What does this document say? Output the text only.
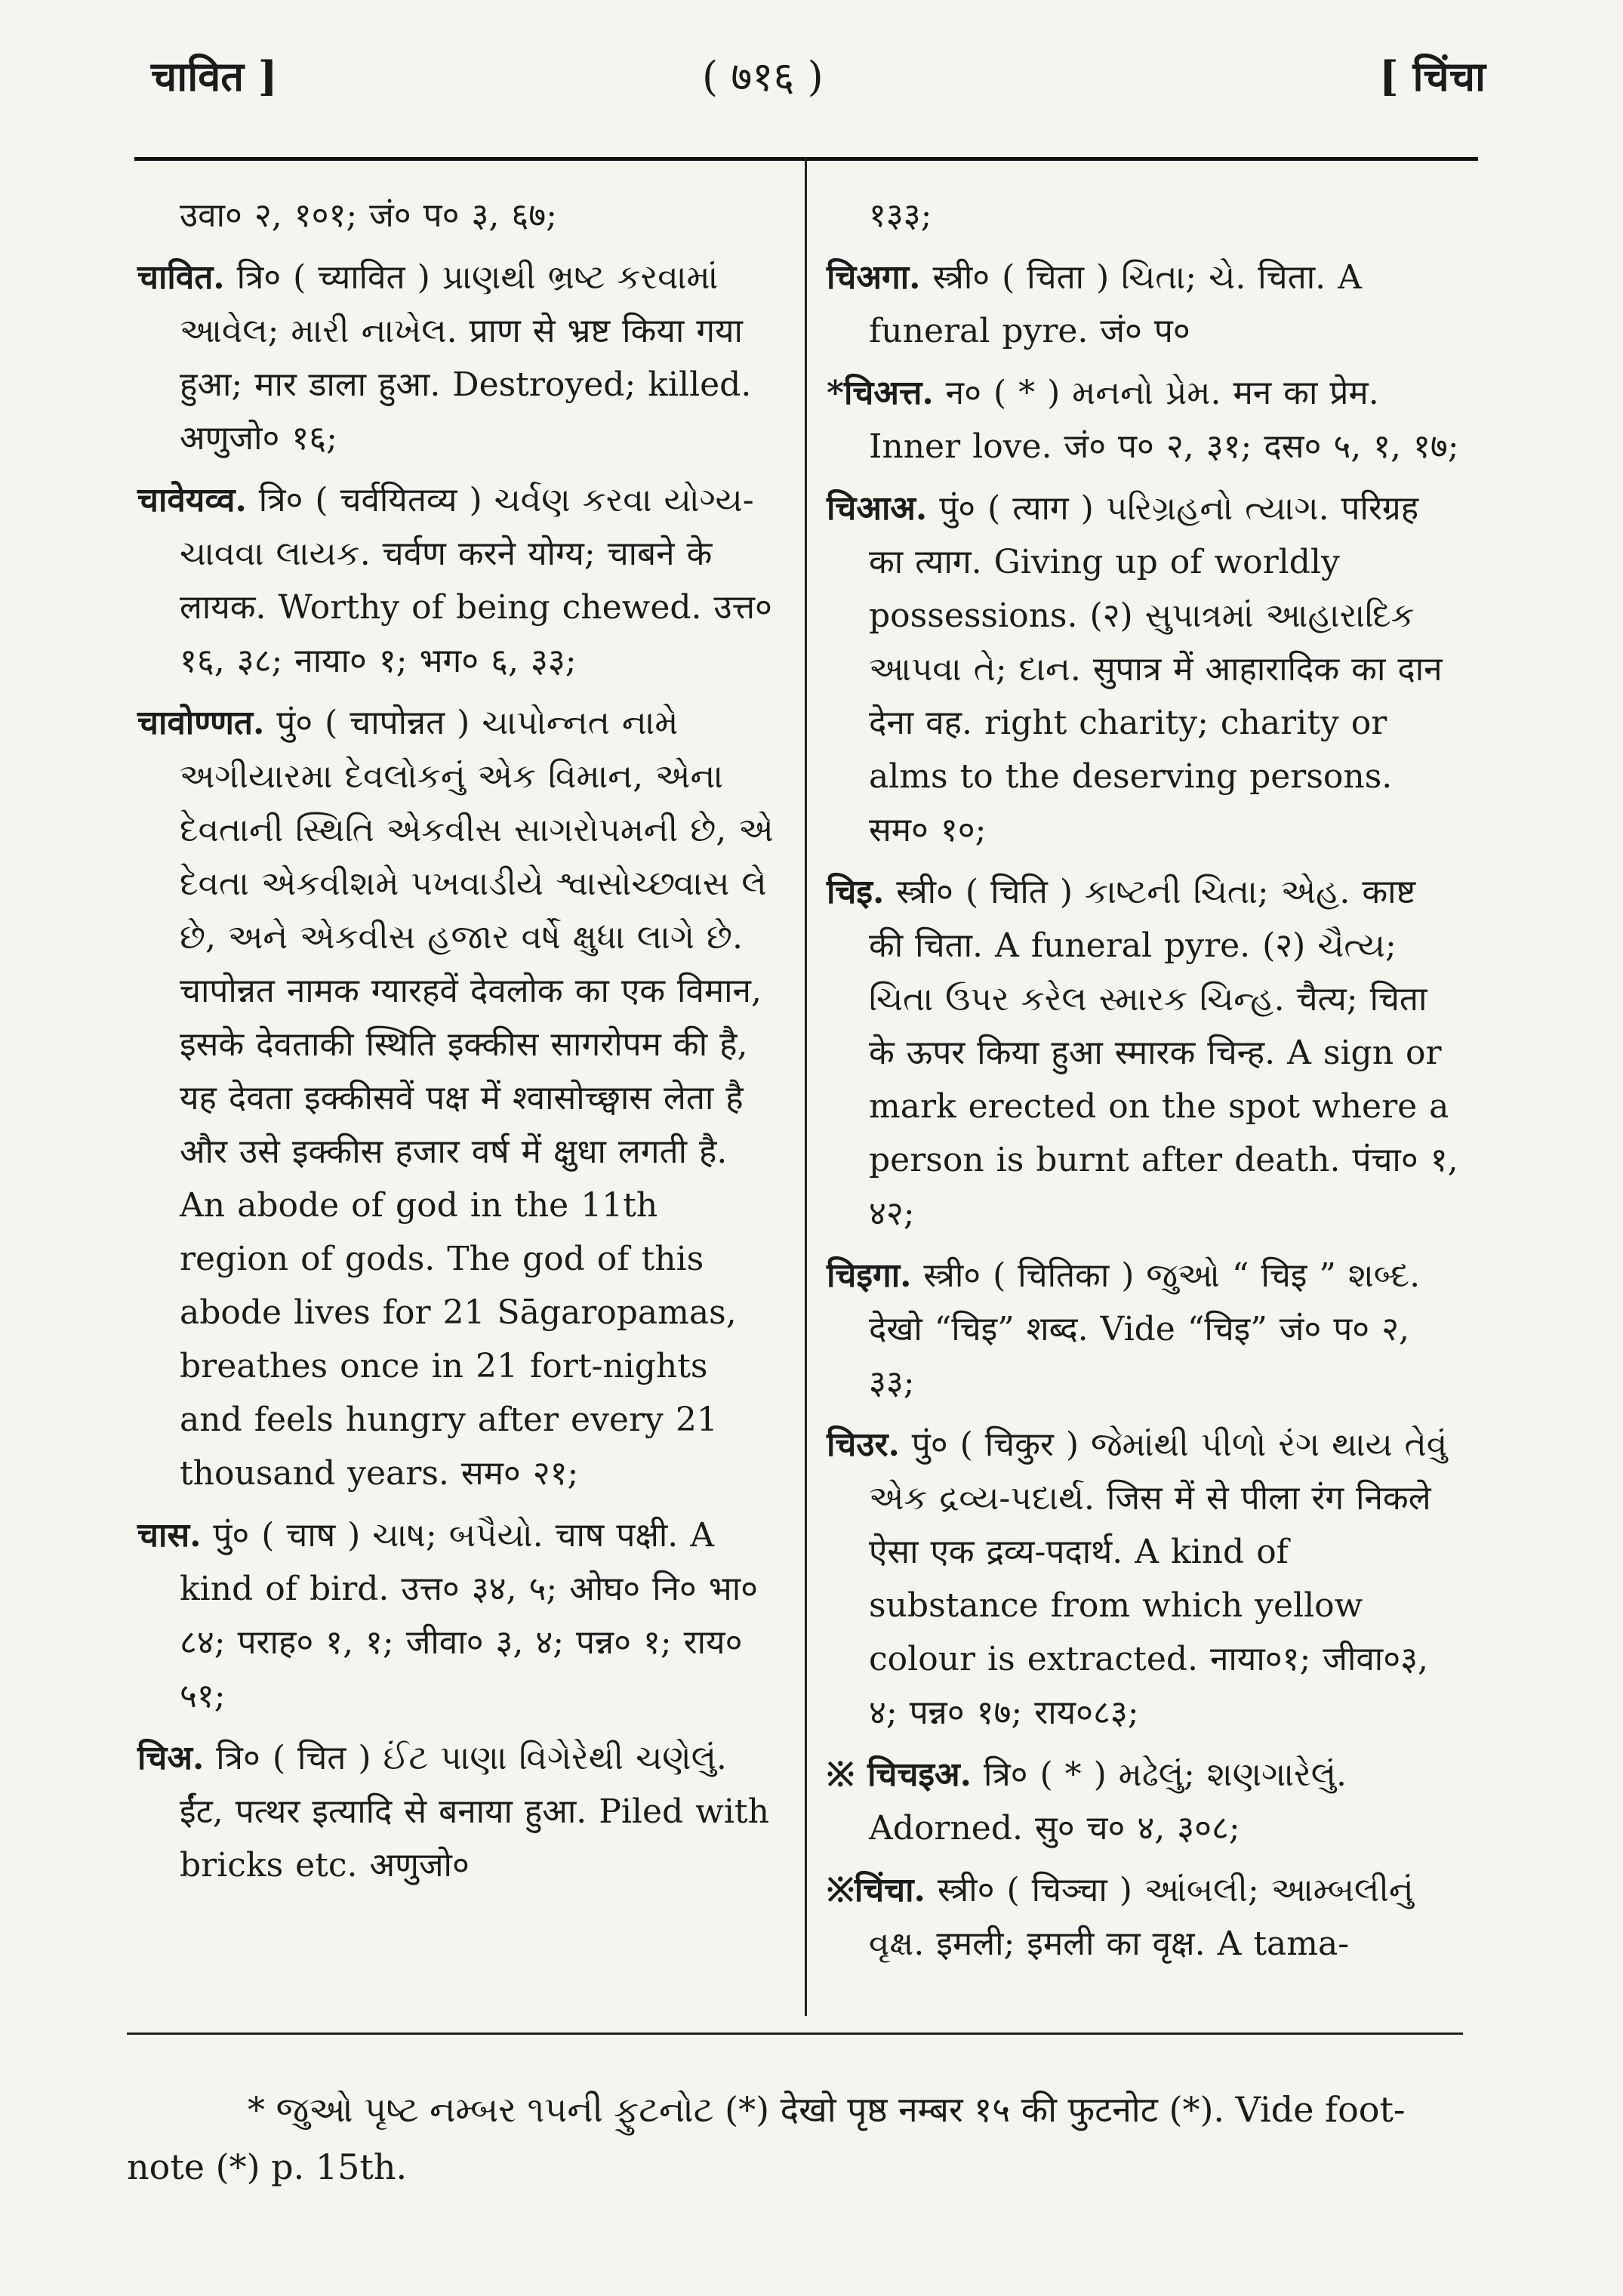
चावित ]	( ७१६ )	[ चिंचा

उवा० २, १०१; जं० प० ३, ६७;

चावित. त्रि० ( च्यावित ) પ્રાણથી ભ્રષ્ટ કરવામાં આવેલ; મારી નાખેલ. प्राण से भ्रष्ट किया गया हुआ; मार डाला हुआ. Destroyed; killed. अणुजो० १६;

चावेयव्व. त्रि० ( चर्वयितव्य ) ચર્વણ કરવા યોગ્ય-ચાવવા લાયક. चर्वण करने योग्य; चाबने के लायक. Worthy of being chewed. उत्त० १६, ३८; नाया० १; भग० ६, ३३;

चावोण्णत. पुं० ( चापोन्नत ) ચાપોન્નત નામે અગીયારમા દેવલોકનું એક વિમાન, એના દેવતાની સ્થિતિ એકવીસ સાગરોપમની છે, એ દેવતા એકવીશમે પખવાડીયે શ્વાસોચ્છ્વાસ લે છે, અને એકવીસ હજાર વર્ષે ક્ષુધા લાગે છે. चापोन्नत नामक ग्यारहवें देवलोक का एक विमान, इसके देवताकी स्थिति इक्कीस सागरोपम की है, यह देवता इक्कीसवें पक्ष में श्वासोच्छ्वास लेता है और उसे इक्कीस हजार वर्ष में क्षुधा लगती है. An abode of god in the 11th region of gods. The god of this abode lives for 21 Sāgaropamas, breathes once in 21 fort-nights and feels hungry after every 21 thousand years. सम० २१;

चास. पुं० ( चाष ) ચાષ; બપૈયો. चाष पक्षी. A kind of bird. उत्त० ३४, ५; ओघ० नि० भा० ८४; पराह० १, १; जीवा० ३, ४; पन्न० १; राय० ५१;

चिअ. त्रि० ( चित ) ઈંટ પાણા વિગેરેથી ચણેલું. ईंट, पत्थर इत्यादि से बनाया हुआ. Piled with bricks etc. अणुजो०

१३३;

चिअगा. स्त्री० ( चिता ) ચિતા; ચે. चिता. A funeral pyre. जं० प०

*चिअत्त. न० ( * ) મનનો પ્રેમ. मन का प्रेम. Inner love. जं० प० २, ३१; दस० ५, १, १७;

चिआअ. पुं० ( त्याग ) પરિગ્રહનો ત્યાગ. परिग्रह का त्याग. Giving up of worldly possessions. (२) સુપાત્રમાં આહારાદિક આપવા તે; દાન. सुपात्र में आहारादिक का दान देना वह. right charity; charity or alms to the deserving persons. सम० १०;

चिइ. स्त्री० ( चिति ) કાષ્ટની ચિતા; એહ. काष्ट की चिता. A funeral pyre. (२) ચૈત્ય; ચિતા ઉપર કરેલ સ્મારક ચિન્હ. चैत्य; चिता के ऊपर किया हुआ स्मारक चिन्ह. A sign or mark erected on the spot where a person is burnt after death. पंचा० १, ४२;

चिइगा. स्त्री० ( चितिका ) જુઓ “ चिइ ” શબ્દ. देखो “चिइ” शब्द. Vide “चिइ” जं० प० २, ३३;

चिउर. पुं० ( चिकुर ) જેમાંથી પીળો રંગ થાય તેવું એક દ્રવ્ય-પદાર્થ. जिस में से पीला रंग निकले ऐसा एक द्रव्य-पदार्थ. A kind of substance from which yellow colour is extracted. नाया०१; जीवा०३, ४; पन्न० १७; राय०८३;

※ चिचइअ. त्रि० ( * ) મઢેલું; શણગારેલું. Adorned. सु० च० ४, ३०८;

※चिंचा. स्त्री० ( चिञ्चा ) આંબલી; આમ્બલીનું વૃક્ષ. इमली; इमली का वृक्ष. A tama-

* જુઓ પૃષ્ટ નમ્બર ૧૫ની ફુટનોટ (*) देखो पृष्ठ नम्बर १५ की फुटनोट (*). Vide foot-note (*) p. 15th.
